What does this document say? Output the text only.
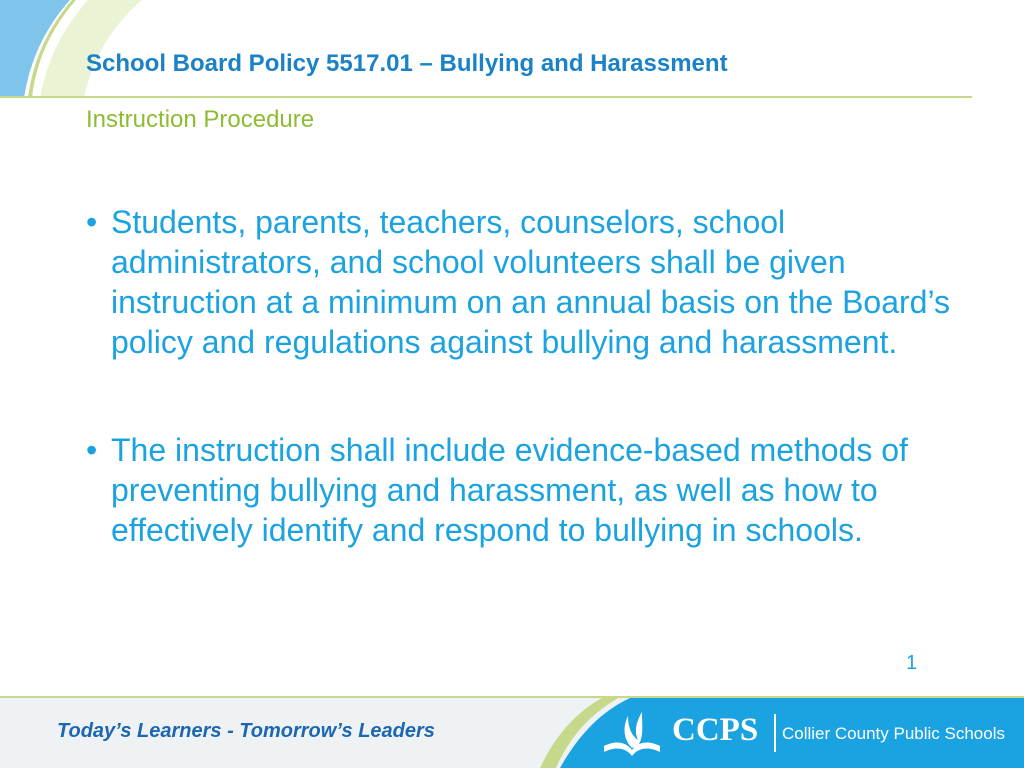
School Board Policy 5517.01 – Bullying and Harassment
Instruction Procedure
• Students, parents, teachers, counselors, school administrators, and school volunteers shall be given instruction at a minimum on an annual basis on the Board’s policy and regulations against bullying and harassment.
• The instruction shall include evidence-based methods of preventing bullying and harassment, as well as how to effectively identify and respond to bullying in schools.
1
Today’s Learners - Tomorrow’s Leaders	CCPS Collier County Public Schools
